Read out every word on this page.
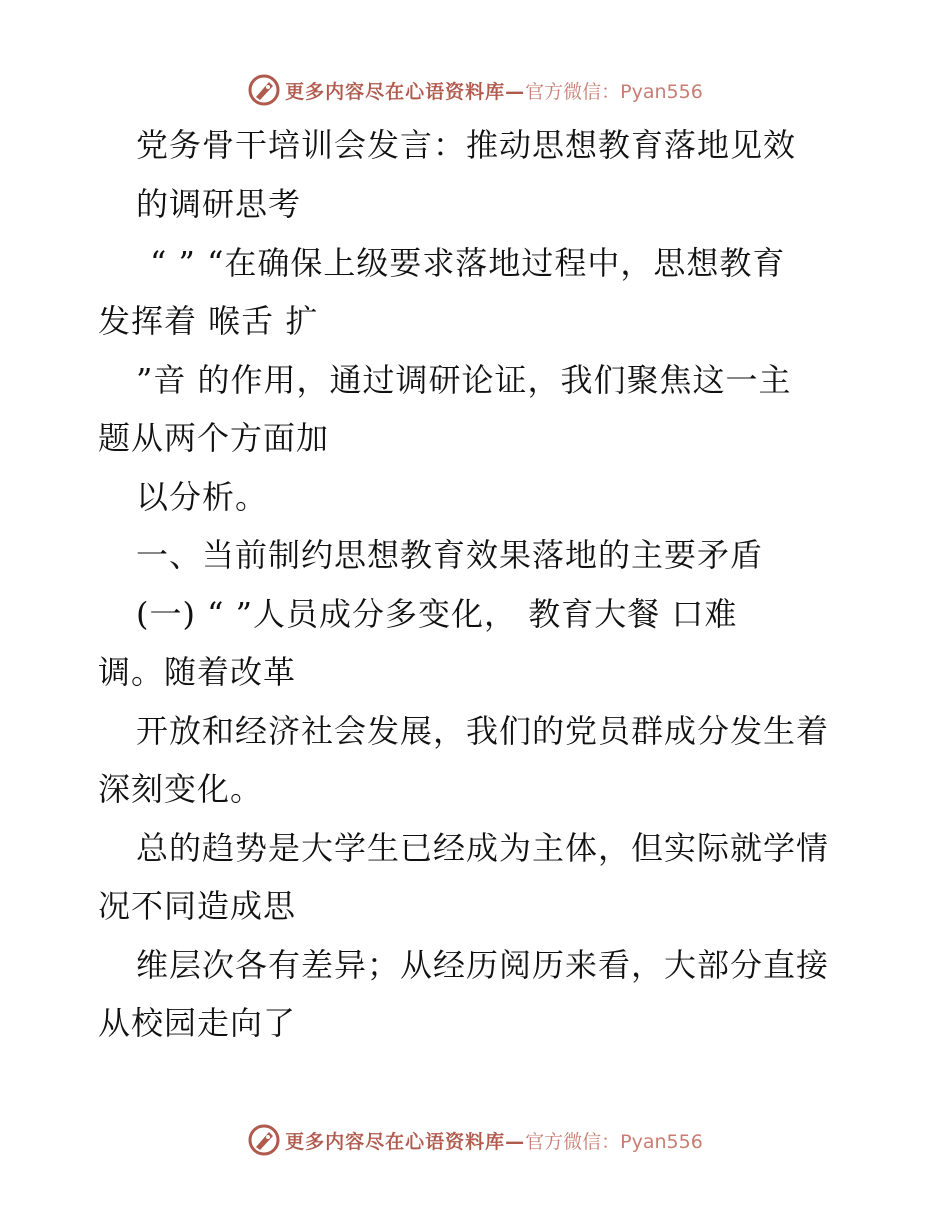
更多内容尽在心语资料库— 官方微信：Pyan556
党务骨干培训会发言：推动思想教育落地见效
的调研思考
“ ” “在确保上级要求落地过程中，思想教育
发挥着 喉舌 扩
”音 的作用，通过调研论证，我们聚焦这一主
题从两个方面加
以分析。
一、当前制约思想教育效果落地的主要矛盾
(一) “ ”人员成分多变化， 教育大餐 口难
调。随着改革
开放和经济社会发展，我们的党员群成分发生着
深刻变化。
总的趋势是大学生已经成为主体，但实际就学情
况不同造成思
维层次各有差异；从经历阅历来看，大部分直接
从校园走向了
更多内容尽在心语资料库— 官方微信：Pyan556
